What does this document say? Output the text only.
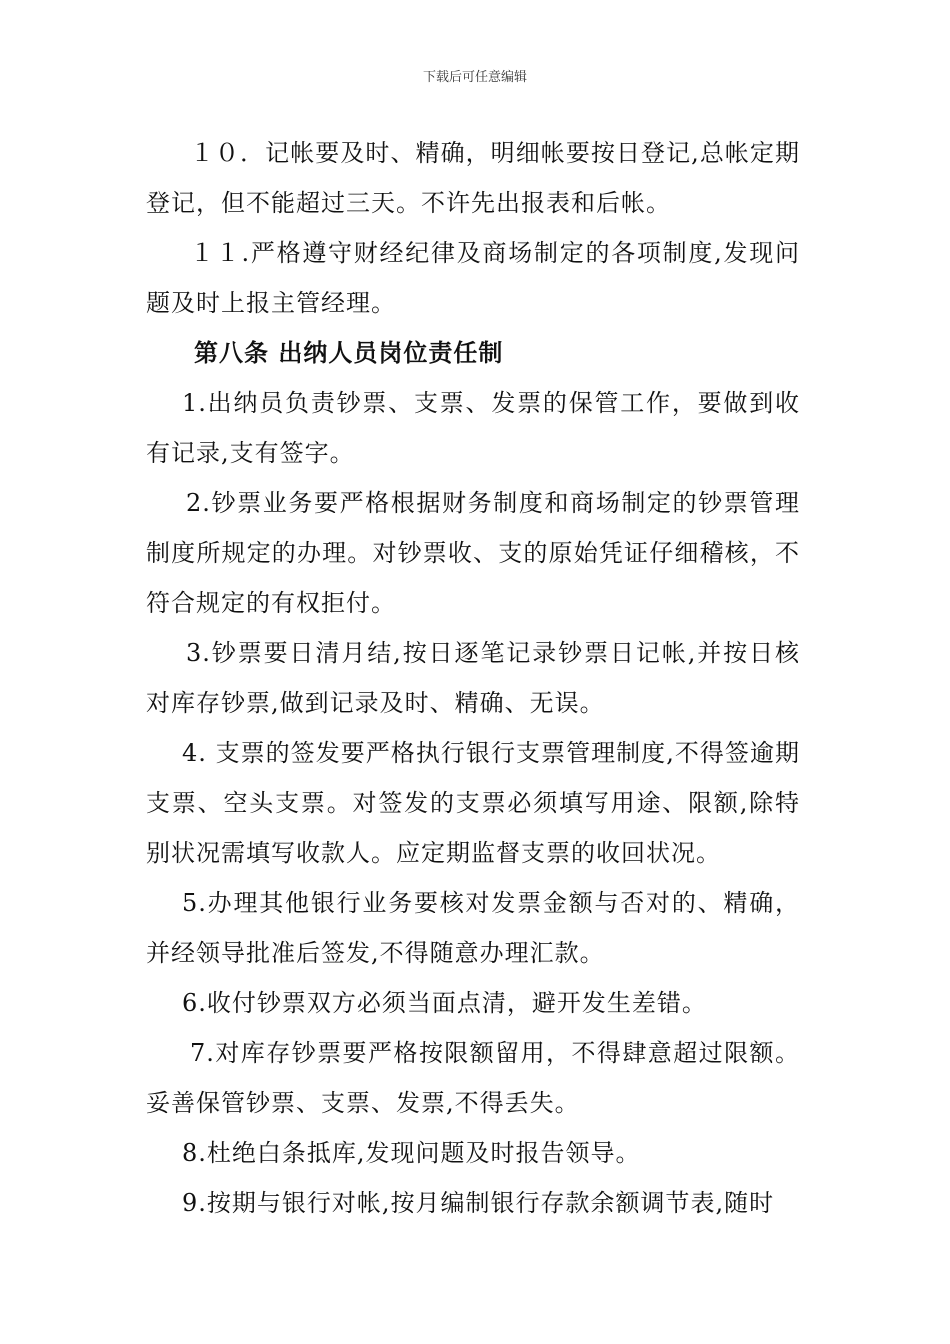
下载后可任意编辑

１０．记帐要及时、精确，明细帐要按日登记,总帐定期登记，但不能超过三天。不许先出报表和后帐。

１１.严格遵守财经纪律及商场制定的各项制度,发现问题及时上报主管经理。

第八条 出纳人员岗位责任制

1.出纳员负责钞票、支票、发票的保管工作，要做到收有记录,支有签字。

2.钞票业务要严格根据财务制度和商场制定的钞票管理制度所规定的办理。对钞票收、支的原始凭证仔细稽核，不符合规定的有权拒付。

3.钞票要日清月结,按日逐笔记录钞票日记帐,并按日核对库存钞票,做到记录及时、精确、无误。

4. 支票的签发要严格执行银行支票管理制度,不得签逾期支票、空头支票。对签发的支票必须填写用途、限额,除特别状况需填写收款人。应定期监督支票的收回状况。

5.办理其他银行业务要核对发票金额与否对的、精确，并经领导批准后签发,不得随意办理汇款。

6.收付钞票双方必须当面点清，避开发生差错。

7.对库存钞票要严格按限额留用，不得肆意超过限额。妥善保管钞票、支票、发票,不得丢失。

8.杜绝白条抵库,发现问题及时报告领导。

9.按期与银行对帐,按月编制银行存款余额调节表,随时
